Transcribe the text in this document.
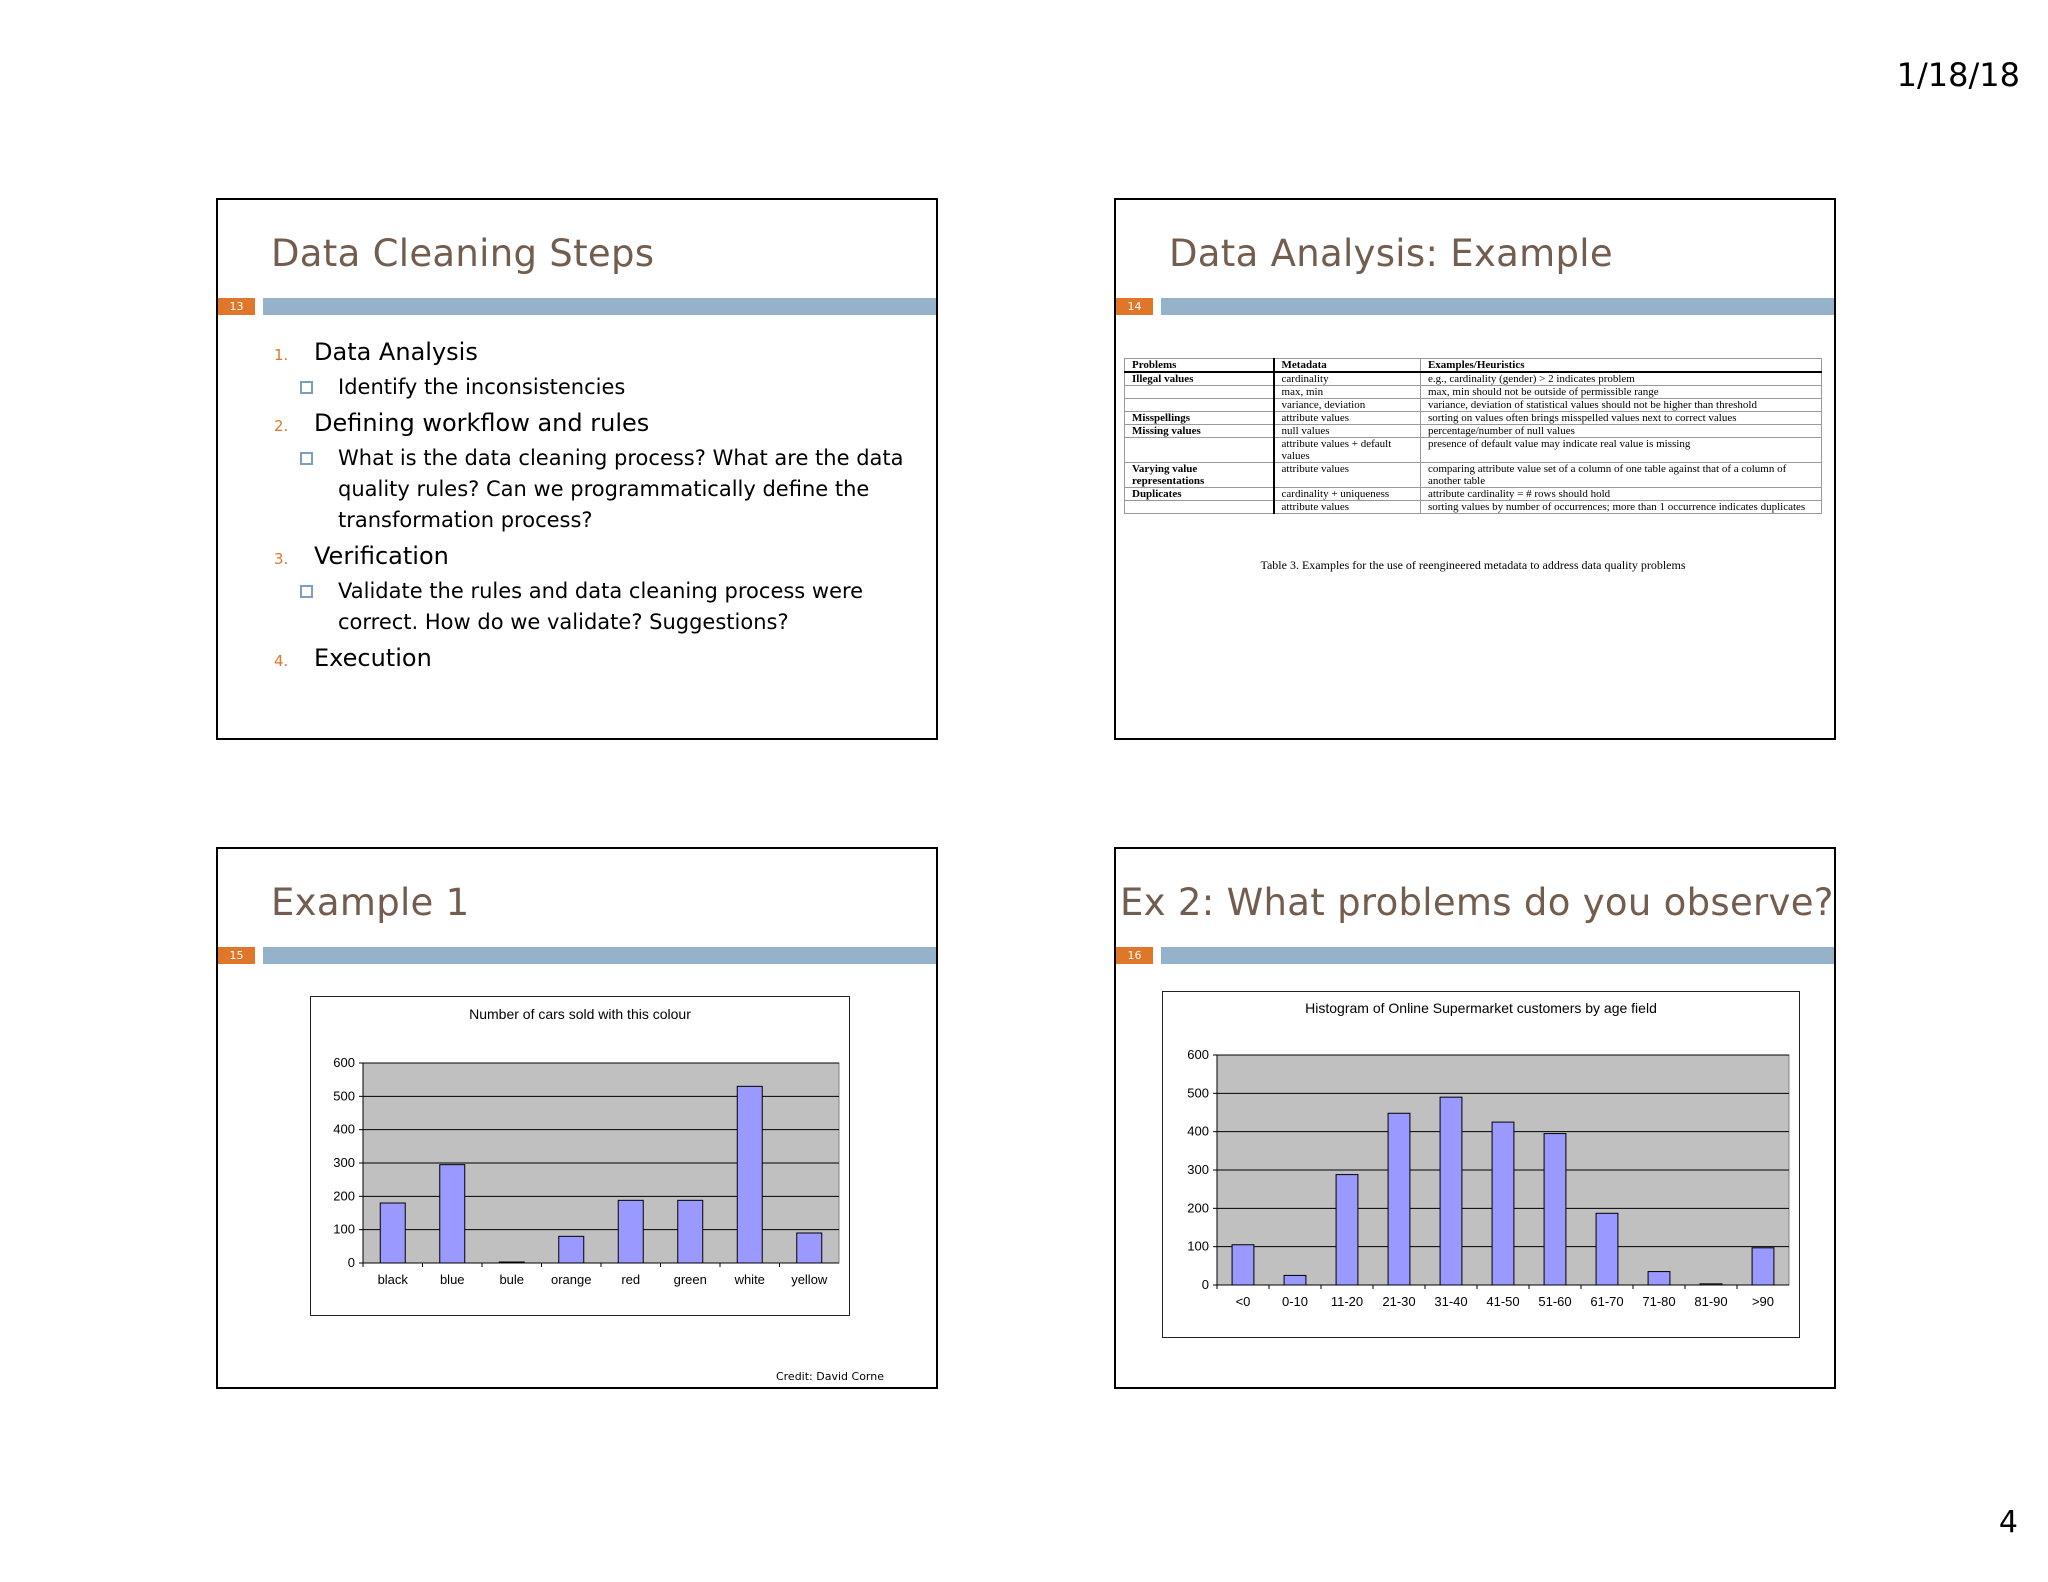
1/18/18
4
Data Cleaning Steps
13
1. Data Analysis
Identify the inconsistencies
2. Defining workflow and rules
What is the data cleaning process? What are the data quality rules? Can we programmatically define the transformation process?
3. Verification
Validate the rules and data cleaning process were correct. How do we validate? Suggestions?
4. Execution
Data Analysis: Example
14
Problems	Metadata	Examples/Heuristics
Illegal values	cardinality	e.g., cardinality (gender) > 2 indicates problem
	max, min	max, min should not be outside of permissible range
	variance, deviation	variance, deviation of statistical values should not be higher than threshold
Misspellings	attribute values	sorting on values often brings misspelled values next to correct values
Missing values	null values	percentage/number of null values
	attribute values + default values	presence of default value may indicate real value is missing
Varying value representations	attribute values	comparing attribute value set of a column of one table against that of a column of another table
Duplicates	cardinality + uniqueness	attribute cardinality = # rows should hold
	attribute values	sorting values by number of occurrences; more than 1 occurrence indicates duplicates
Table 3. Examples for the use of reengineered metadata to address data quality problems
Example 1
15
Number of cars sold with this colour
0
100
200
300
400
500
600
black blue	bule orange red	green white yellow
Credit: David Corne
Ex 2: What problems do you observe?
16
Histogram of Online Supermarket customers by age field
0
100
200
300
400
500
600
<0 0-10 11-20 21-30 31-40 41-50 51-60 61-70 71-80 81-90 >90
